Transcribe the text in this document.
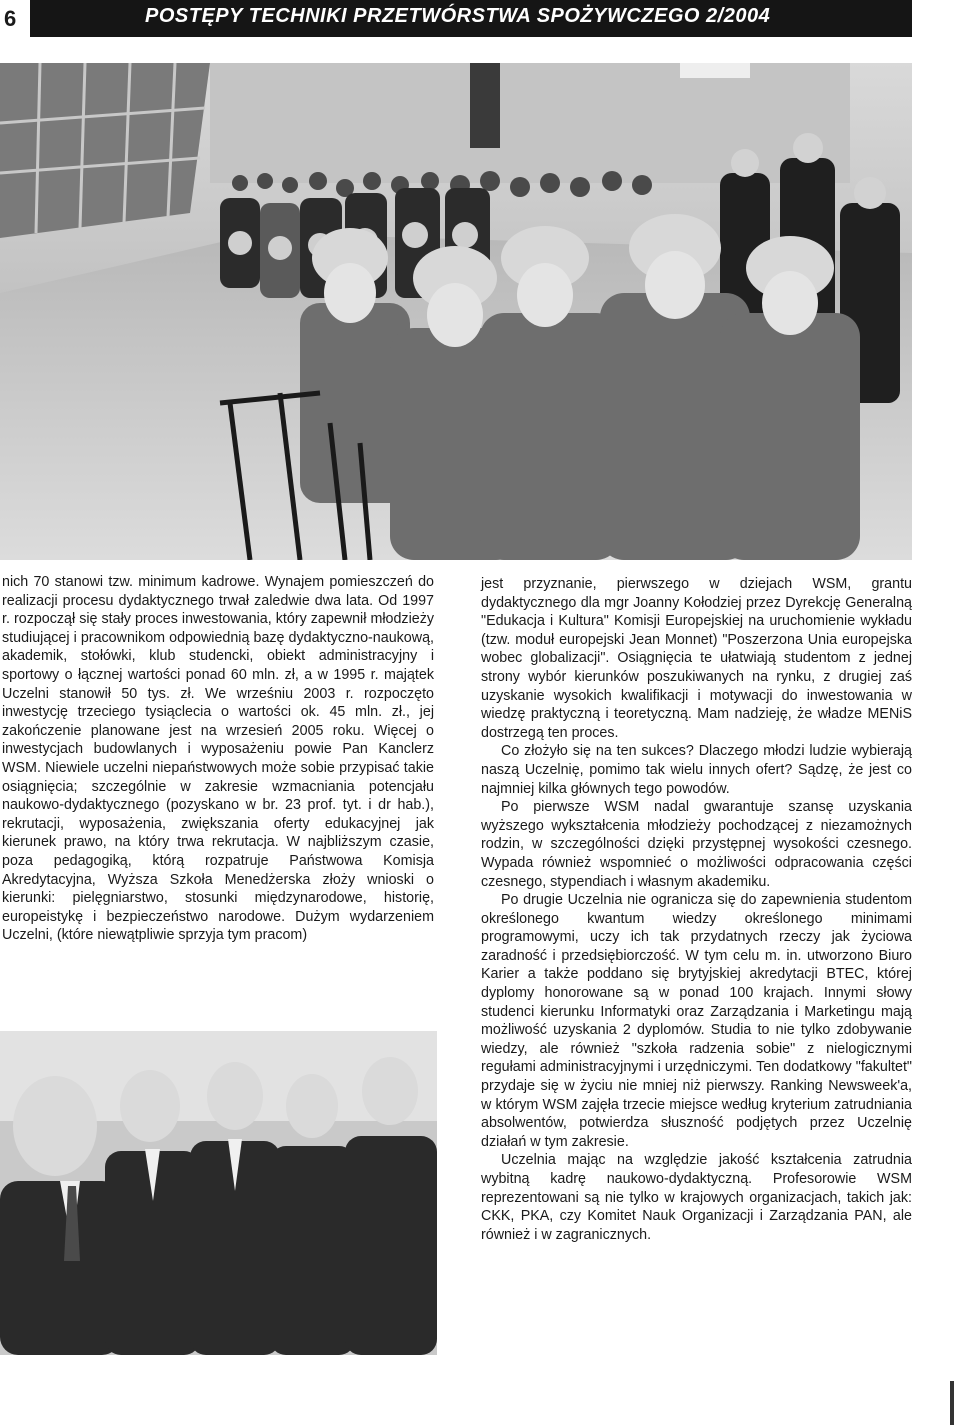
6	POSTĘPY TECHNIKI PRZETWÓRSTWA SPOŻYWCZEGO 2/2004

nich 70 stanowi tzw. minimum kadrowe. Wynajem pomieszczeń do realizacji procesu dydaktycznego trwał zaledwie dwa lata. Od 1997 r. rozpoczął się stały proces inwestowania, który zapewnił młodzieży studiującej i pracownikom odpowiednią bazę dydaktyczno-naukową, akademik, stołówki, klub studencki, obiekt administracyjny i sportowy o łącznej wartości ponad 60 mln. zł, a w 1995 r. majątek Uczelni stanowił 50 tys. zł. We wrześniu 2003 r. rozpoczęto inwestycję trzeciego tysiąclecia o wartości ok. 45 mln. zł., jej zakończenie planowane jest na wrzesień 2005 roku. Więcej o inwestycjach budowlanych i wyposażeniu powie Pan Kanclerz WSM. Niewiele uczelni niepaństwowych może sobie przypisać takie osiągnięcia; szczególnie w zakresie wzmacniania potencjału naukowo-dydaktycznego (pozyskano w br. 23 prof. tyt. i dr hab.), rekrutacji, wyposażenia, zwiększania oferty edukacyjnej jak kierunek prawo, na który trwa rekrutacja. W najbliższym czasie, poza pedagogiką, którą rozpatruje Państwowa Komisja Akredytacyjna, Wyższa Szkoła Menedżerska złoży wnioski o kierunki: pielęgniarstwo, stosunki międzynarodowe, historię, europeistykę i bezpieczeństwo narodowe. Dużym wydarzeniem Uczelni, (które niewątpliwie sprzyja tym pracom)

jest przyznanie, pierwszego w dziejach WSM, grantu dydaktycznego dla mgr Joanny Kołodziej przez Dyrekcję Generalną "Edukacja i Kultura" Komisji Europejskiej na uruchomienie wykładu (tzw. moduł europejski Jean Monnet) "Poszerzona Unia europejska wobec globalizacji". Osiągnięcia te ułatwiają studentom z jednej strony wybór kierunków poszukiwanych na rynku, z drugiej zaś uzyskanie wysokich kwalifikacji i motywacji do inwestowania w wiedzę praktyczną i teoretyczną. Mam nadzieję, że władze MENiS dostrzegą ten proces.

Co złożyło się na ten sukces? Dlaczego młodzi ludzie wybierają naszą Uczelnię, pomimo tak wielu innych ofert? Sądzę, że jest co najmniej kilka głównych tego powodów.

Po pierwsze WSM nadal gwarantuje szansę uzyskania wyższego wykształcenia młodzieży pochodzącej z niezamożnych rodzin, w szczególności dzięki przystępnej wysokości czesnego. Wypada również wspomnieć o możliwości odpracowania części czesnego, stypendiach i własnym akademiku.

Po drugie Uczelnia nie ogranicza się do zapewnienia studentom określonego kwantum wiedzy określonego minimami programowymi, uczy ich tak przydatnych rzeczy jak życiowa zaradność i przedsiębiorczość. W tym celu m. in. utworzono Biuro Karier a także poddano się brytyjskiej akredytacji BTEC, której dyplomy honorowane są w ponad 100 krajach. Innymi słowy studenci kierunku Informatyki oraz Zarządzania i Marketingu mają możliwość uzyskania 2 dyplomów. Studia to nie tylko zdobywanie wiedzy, ale również "szkoła radzenia sobie" z nielogicznymi regułami administracyjnymi i urzędniczymi. Ten dodatkowy "fakultet" przydaje się w życiu nie mniej niż pierwszy. Ranking Newsweek'a, w którym WSM zajęła trzecie miejsce według kryterium zatrudniania absolwentów, potwierdza słuszność podjętych przez Uczelnię działań w tym zakresie.

Uczelnia mając na względzie jakość kształcenia zatrudnia wybitną kadrę naukowo-dydaktyczną. Profesorowie WSM reprezentowani są nie tylko w krajowych organizacjach, takich jak: CKK, PKA, czy Komitet Nauk Organizacji i Zarządzania PAN, ale również i w zagranicznych.
